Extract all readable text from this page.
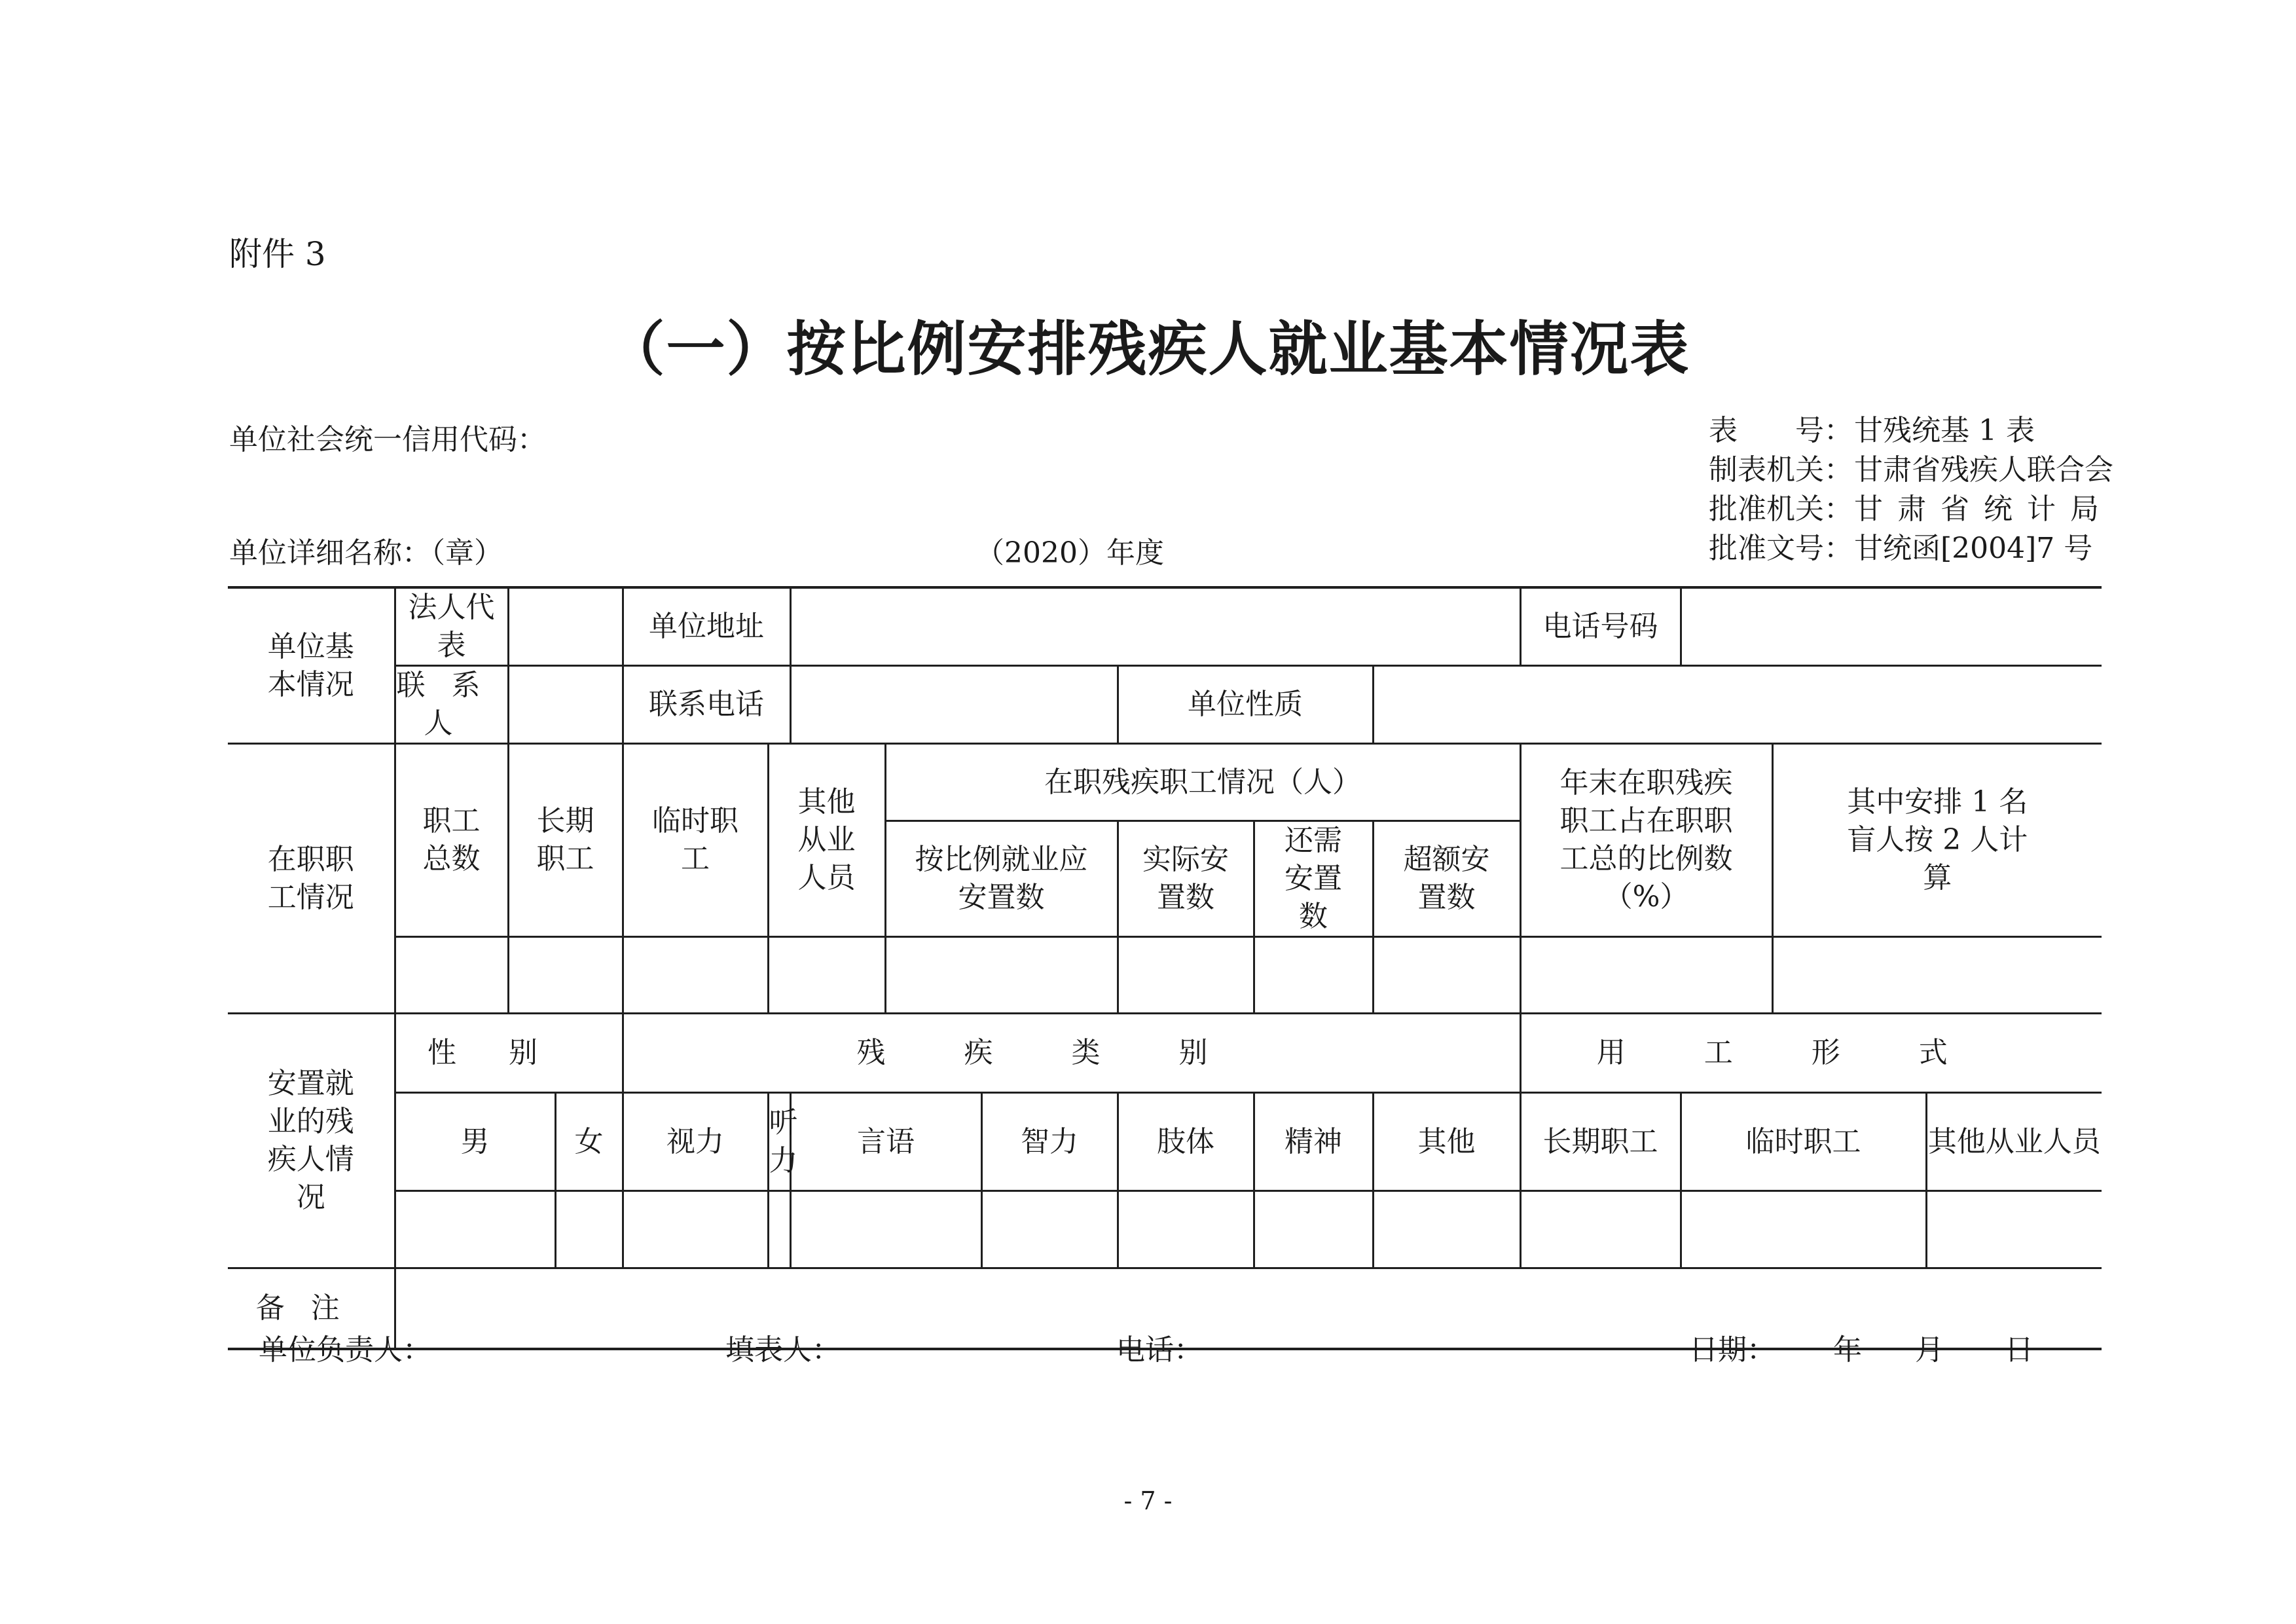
附件 3
（一）按比例安排残疾人就业基本情况表
单位社会统一信用代码：
单位详细名称：（章）	（2020）年度
表　　号： 甘残统基 1 表
制表机关： 甘肃省残疾人联合会
批准机关： 甘肃省统计局
批准文号： 甘统函[2004]7 号
单位基本情况	法人代表			单位地址								电话号码			
	联系人			联系电话					单位性质						
在职职工情况	职工总数	长期职工		临时职工	其他从业人员		在职残疾职工情况（人）					年末在职残疾职工占在职职工总的比例数（%）		其中安排 1 名盲人按 2 人计算	
							按比例就业应安置数		实际安置数	还需安置数	超额安置数				

安置就业的残疾人情况	性别			残疾类别								用工形式			
	男		女	视力	听力	言语		智力	肢体	精神	其他	长期职工	临时职工		其他从业人员

备注															
单位负责人：	填表人：	电话：	日期： 年 月 日
- 7 -
